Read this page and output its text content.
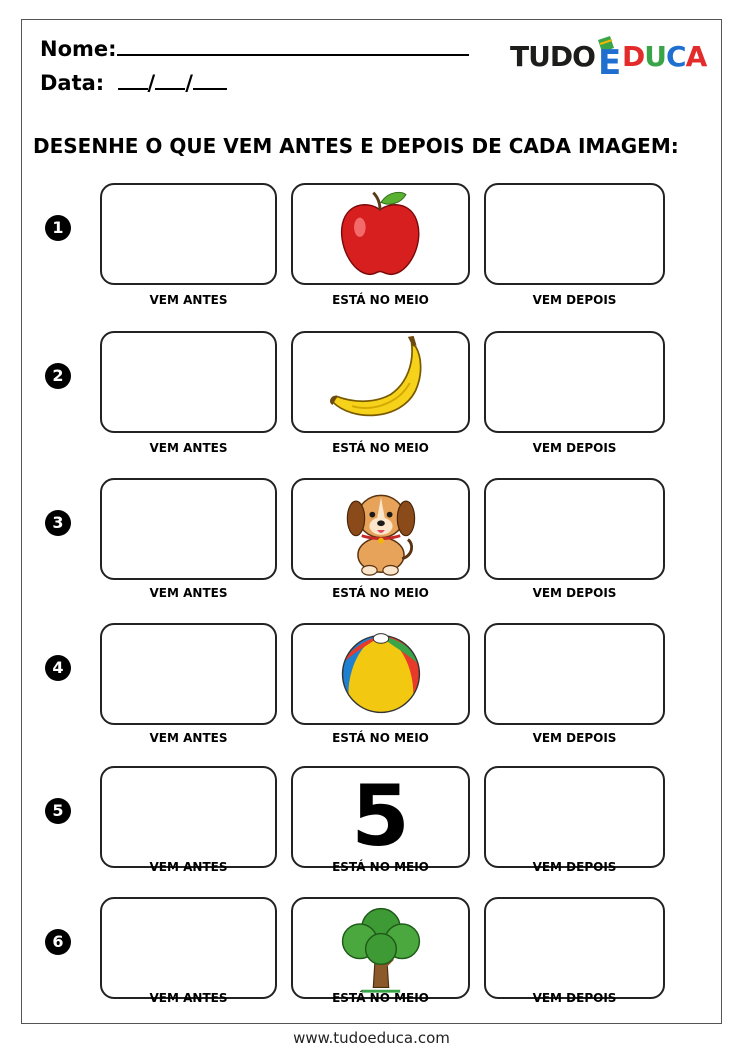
Nome:
Data: / /
TUDO E DUCA
DESENHE O QUE VEM ANTES E DEPOIS DE CADA IMAGEM:
1
VEM ANTES	ESTÁ NO MEIO	VEM DEPOIS
2
VEM ANTES	ESTÁ NO MEIO	VEM DEPOIS
3
VEM ANTES	ESTÁ NO MEIO	VEM DEPOIS
4
VEM ANTES	ESTÁ NO MEIO	VEM DEPOIS
5	5
VEM ANTES	ESTÁ NO MEIO	VEM DEPOIS
6
VEM ANTES	ESTÁ NO MEIO	VEM DEPOIS
www.tudoeduca.com
